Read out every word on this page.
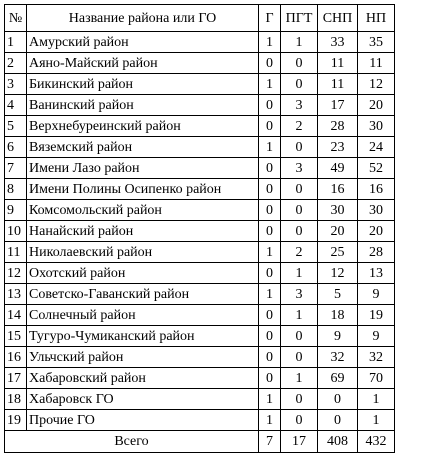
№	Название района или ГО	Г	ПГТ	СНП	НП
1	Амурский район	1	1	33	35
2	Аяно-Майский район	0	0	11	11
3	Бикинский район	1	0	11	12
4	Ванинский район	0	3	17	20
5	Верхнебуреинский район	0	2	28	30
6	Вяземский район	1	0	23	24
7	Имени Лазо район	0	3	49	52
8	Имени Полины Осипенко район	0	0	16	16
9	Комсомольский район	0	0	30	30
10	Нанайский район	0	0	20	20
11	Николаевский район	1	2	25	28
12	Охотский район	0	1	12	13
13	Советско-Гаванский район	1	3	5	9
14	Солнечный район	0	1	18	19
15	Тугуро-Чумиканский район	0	0	9	9
16	Ульчский район	0	0	32	32
17	Хабаровский район	0	1	69	70
18	Хабаровск ГО	1	0	0	1
19	Прочие ГО	1	0	0	1
Всего		7	17	408	432
